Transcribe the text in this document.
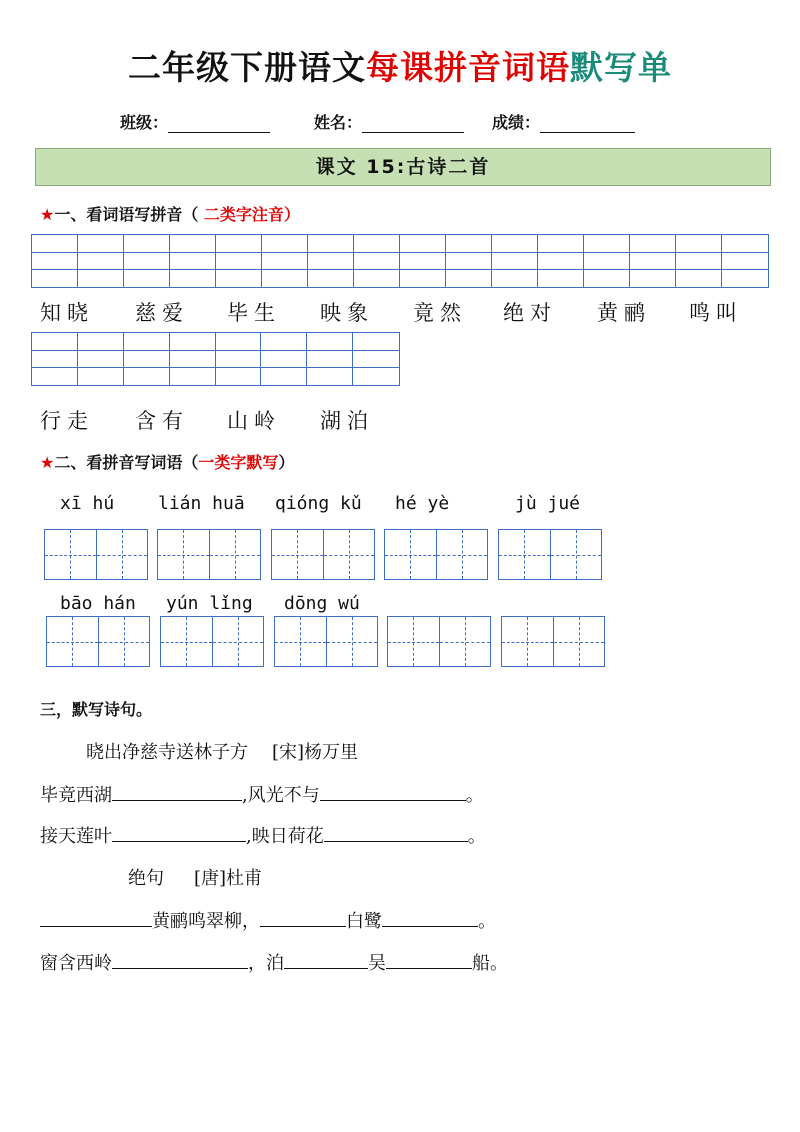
二年级下册语文每课拼音词语默写单
班级：	姓名：	成绩：
课文 15:古诗二首
★一、看词语写拼音（ 二类字注音）
知晓 慈爱 毕生 映象 竟然 绝对 黄鹂 鸣叫
行走 含有 山岭 湖泊
★二、看拼音写词语（一类字默写）
xī hú lián huā qióng kǔ hé yè	jù jué
bāo hán yún lǐng dōng wú
三，默写诗句。
晓出净慈寺送林子方 [宋]杨万里
毕竟西湖	,风光不与	。
接天莲叶	,映日荷花	。
绝句 [唐]杜甫
黄鹂鸣翠柳，	白鹭	。
窗含西岭	，泊	吴	船。
